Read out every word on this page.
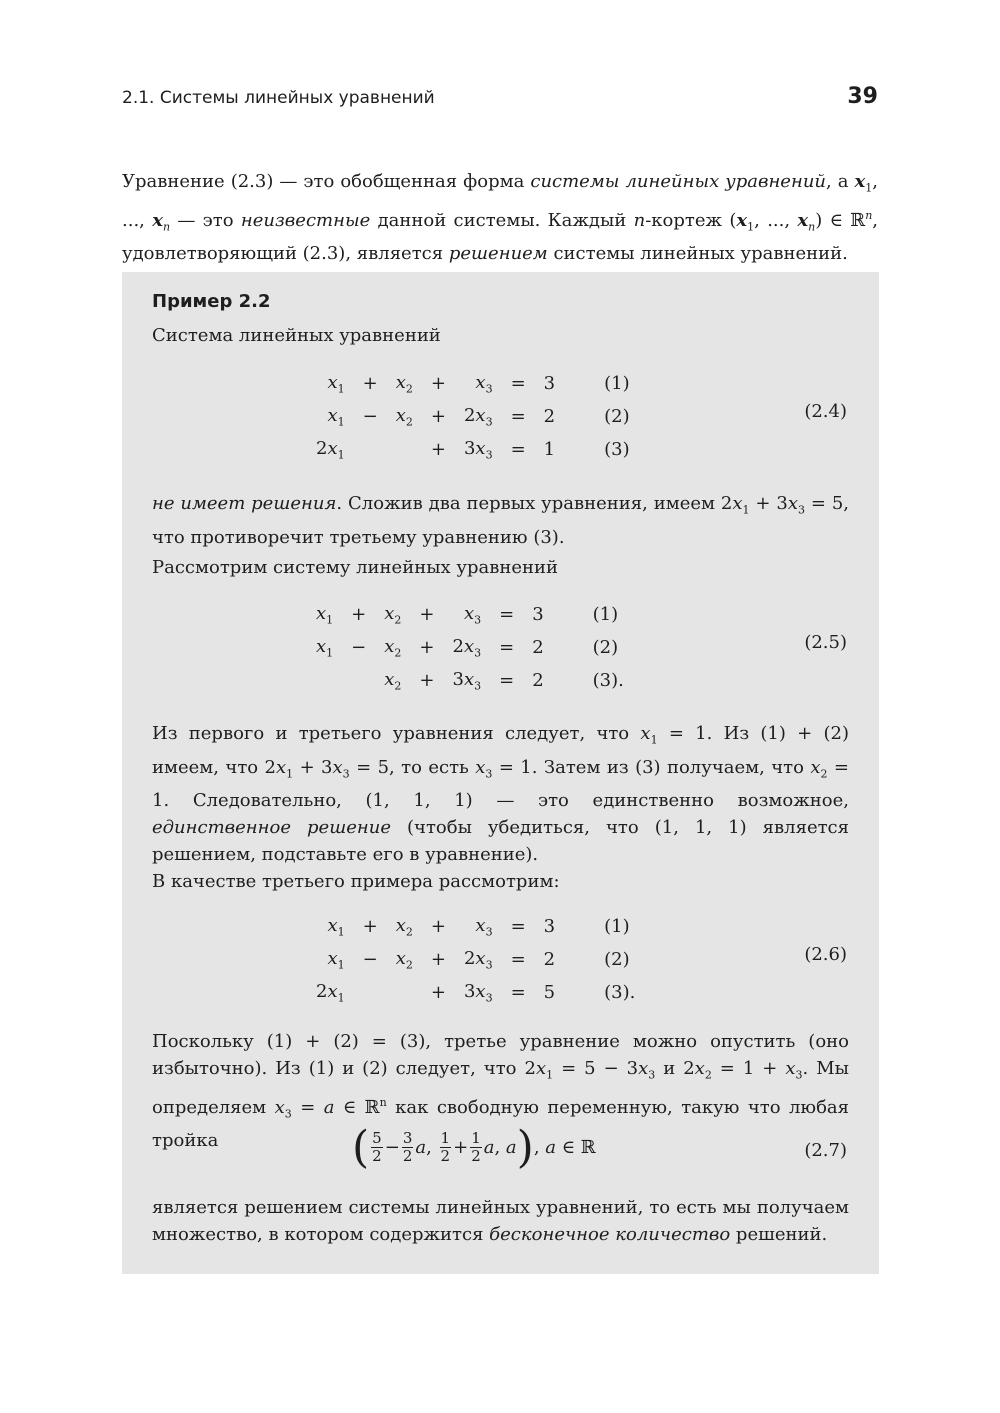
2.1. Системы линейных уравнений	39
Уравнение (2.3) — это обобщенная форма системы линейных уравнений, а $x_1$, ..., $x_n$ — это неизвестные данной системы. Каждый n-кортеж ($x_1$, ..., $x_n$) ∈ ℝ$^n$, удовлетворяющий (2.3), является решением системы линейных уравнений.
Пример 2.2
Система линейных уравнений
$x_1$	+	$x_2$	+	$x_3$	=	3	(1)
$x_1$	−	$x_2$	+	$2x_3$	=	2	(2)
$2x_1$			+	$3x_3$	=	1	(3)
(2.4)
не имеет решения. Сложив два первых уравнения, имеем $2x_1 + 3x_3 = 5$, что противоречит третьему уравнению (3).
Рассмотрим систему линейных уравнений
$x_1$	+	$x_2$	+	$x_3$	=	3	(1)
$x_1$	−	$x_2$	+	$2x_3$	=	2	(2)
		$x_2$	+	$3x_3$	=	2	(3).
(2.5)
Из первого и третьего уравнения следует, что $x_1 = 1$. Из (1) + (2) имеем, что $2x_1 + 3x_3 = 5$, то есть $x_3 = 1$. Затем из (3) получаем, что $x_2 = 1$. Следовательно, (1, 1, 1) — это единственно возможное, единственное решение (чтобы убедиться, что (1, 1, 1) является решением, подставьте его в уравнение).
В качестве третьего примера рассмотрим:
$x_1$	+	$x_2$	+	$x_3$	=	3	(1)
$x_1$	−	$x_2$	+	$2x_3$	=	2	(2)
$2x_1$			+	$3x_3$	=	5	(3).
(2.6)
Поскольку (1) + (2) = (3), третье уравнение можно опустить (оно избыточно). Из (1) и (2) следует, что $2x_1 = 5 - 3x_3$ и $2x_2 = 1 + x_3$. Мы определяем $x_3 = a$ ∈ ℝ$^n$ как свободную переменную, такую что любая тройка	( $\frac{5}{2} - \frac{3}{2} a$, $\frac{1}{2} + \frac{1}{2} a$, a), a ∈ ℝ	(2.7)
является решением системы линейных уравнений, то есть мы получаем множество, в котором содержится бесконечное количество решений.
